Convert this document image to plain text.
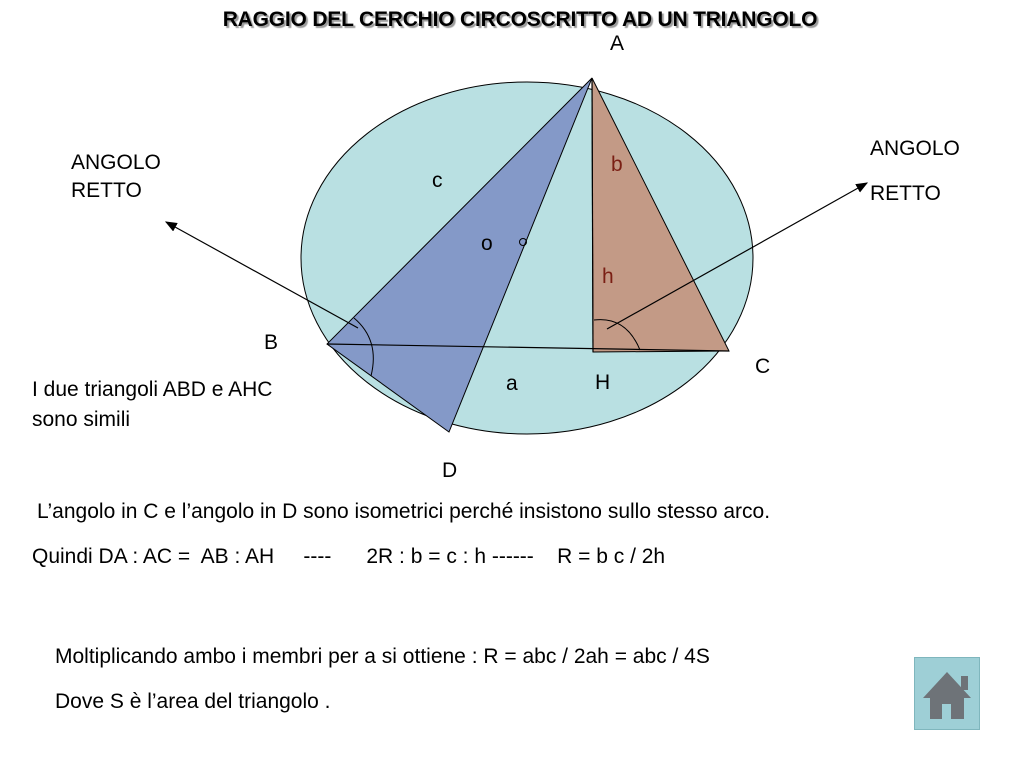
RAGGIO DEL CERCHIO CIRCOSCRITTO AD UN TRIANGOLO
A
B
C
D
H
c
b
h
o
a
ANGOLO
RETTO
ANGOLO
RETTO
I due triangoli ABD e AHC
sono simili
L’angolo in C e l’angolo in D sono isometrici perché insistono sullo stesso arco.
Quindi DA : AC =  AB : AH     ----      2R : b = c : h ------    R = b c / 2h
Moltiplicando ambo i membri per a si ottiene : R = abc / 2ah = abc / 4S
Dove S è l’area del triangolo .
